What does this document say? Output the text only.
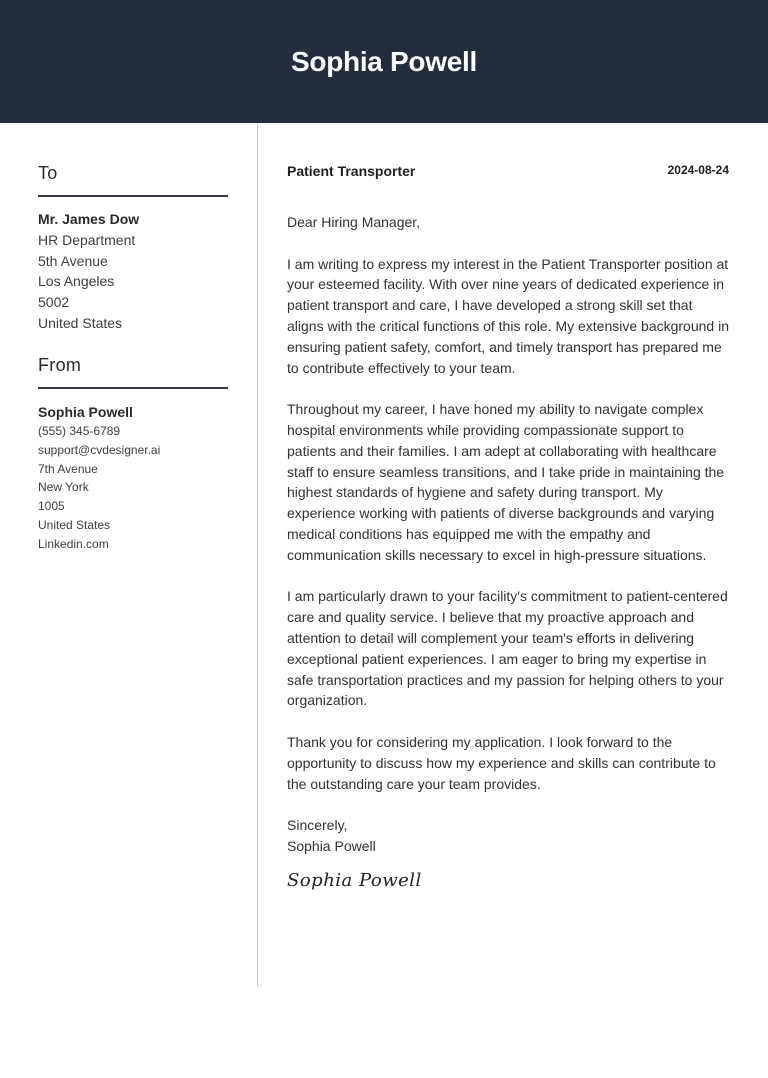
Sophia Powell
To
Mr. James Dow
HR Department
5th Avenue
Los Angeles
5002
United States
From
Sophia Powell
(555) 345-6789
support@cvdesigner.ai
7th Avenue
New York
1005
United States
Linkedin.com
Patient Transporter	2024-08-24

Dear Hiring Manager,

I am writing to express my interest in the Patient Transporter position at your esteemed facility. With over nine years of dedicated experience in patient transport and care, I have developed a strong skill set that aligns with the critical functions of this role. My extensive background in ensuring patient safety, comfort, and timely transport has prepared me to contribute effectively to your team.

Throughout my career, I have honed my ability to navigate complex hospital environments while providing compassionate support to patients and their families. I am adept at collaborating with healthcare staff to ensure seamless transitions, and I take pride in maintaining the highest standards of hygiene and safety during transport. My experience working with patients of diverse backgrounds and varying medical conditions has equipped me with the empathy and communication skills necessary to excel in high-pressure situations.

I am particularly drawn to your facility's commitment to patient-centered care and quality service. I believe that my proactive approach and attention to detail will complement your team's efforts in delivering exceptional patient experiences. I am eager to bring my expertise in safe transportation practices and my passion for helping others to your organization.

Thank you for considering my application. I look forward to the opportunity to discuss how my experience and skills can contribute to the outstanding care your team provides.

Sincerely,
Sophia Powell
Sophia Powell
